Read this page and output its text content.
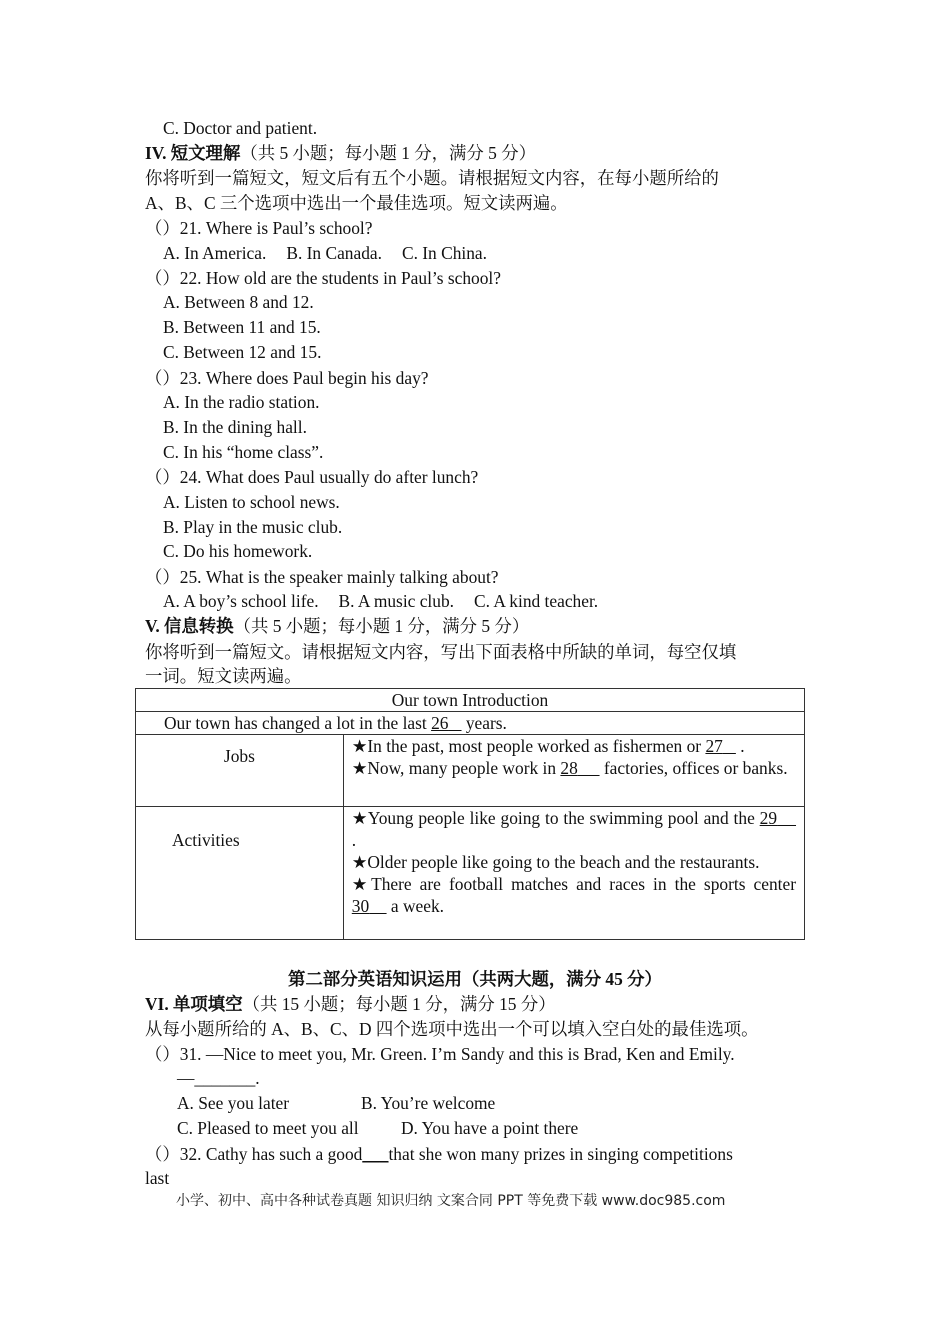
C. Doctor and patient.
IV. 短文理解（共 5 小题；每小题 1 分，满分 5 分）
你将听到一篇短文，短文后有五个小题。请根据短文内容，在每小题所给的
A、B、C 三个选项中选出一个最佳选项。短文读两遍。
（）21. Where is Paul’s school?
A. In America. B. In Canada. C. In China.
（）22. How old are the students in Paul’s school?
A. Between 8 and 12.
B. Between 11 and 15.
C. Between 12 and 15.
（）23. Where does Paul begin his day?
A. In the radio station.
B. In the dining hall.
C. In his “home class”.
（）24. What does Paul usually do after lunch?
A. Listen to school news.
B. Play in the music club.
C. Do his homework.
（）25. What is the speaker mainly talking about?
A. A boy’s school life. B. A music club. C. A kind teacher.
V. 信息转换（共 5 小题；每小题 1 分，满分 5 分）
你将听到一篇短文。请根据短文内容，写出下面表格中所缺的单词，每空仅填
一词。短文读两遍。
Our town Introduction	
Our town has changed a lot in the last 26    years.	
Jobs	★In the past, most people worked as fishermen or 27    .
★Now, many people work in 28      factories, offices or banks.

Activities	★Young people like going to the swimming pool and the 29     .
★Older people like going to the beach and the restaurants.
★There are football matches and races in the sports center 30     a week.
第二部分英语知识运用（共两大题，满分 45 分）
VI. 单项填空（共 15 小题；每小题 1 分，满分 15 分）
从每小题所给的 A、B、C、D 四个选项中选出一个可以填入空白处的最佳选项。
（）31. —Nice to meet you, Mr. Green. I’m Sandy and this is Brad, Ken and Emily.
—_______.
A. See you later	B. You’re welcome
C. Pleased to meet you all D. You have a point there
（）32. Cathy has such a good___that she won many prizes in singing competitions
last
小学、初中、高中各种试卷真题 知识归纳 文案合同 PPT 等免费下载 www.doc985.com
